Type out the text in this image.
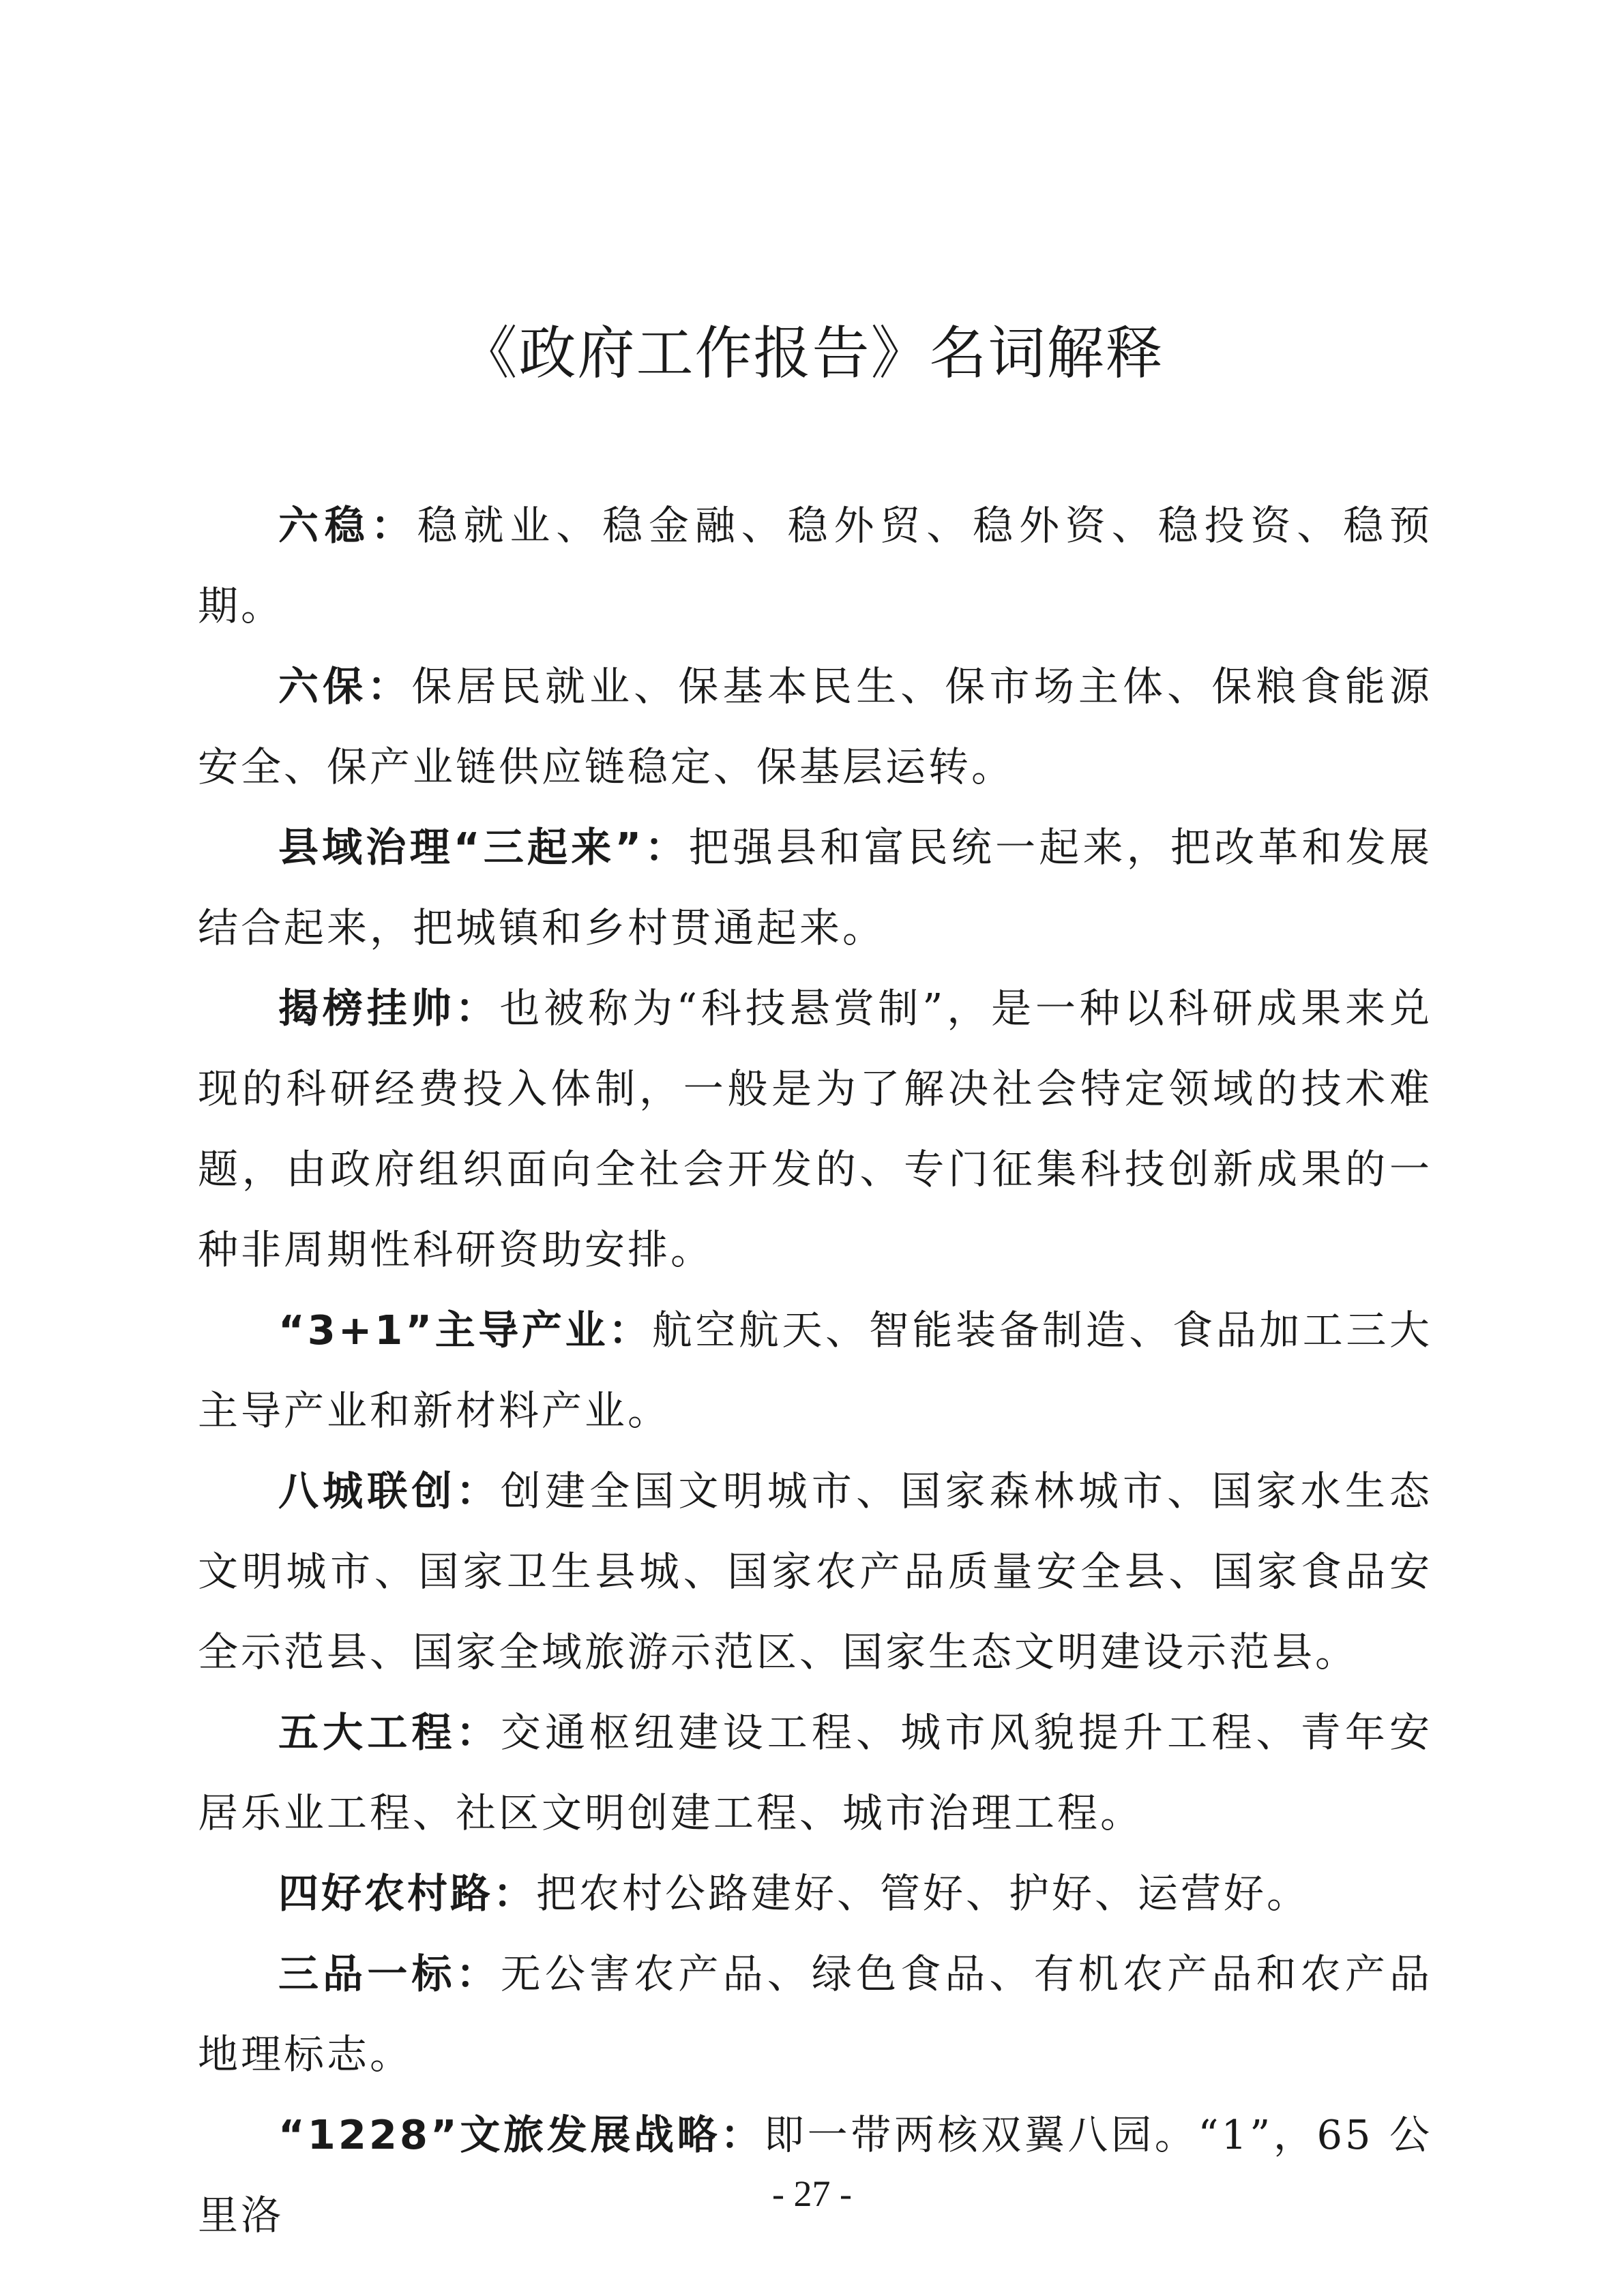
《政府工作报告》名词解释

六稳：稳就业、稳金融、稳外贸、稳外资、稳投资、稳预期。

六保：保居民就业、保基本民生、保市场主体、保粮食能源安全、保产业链供应链稳定、保基层运转。

县域治理“三起来”：把强县和富民统一起来，把改革和发展结合起来，把城镇和乡村贯通起来。

揭榜挂帅：也被称为“科技悬赏制”，是一种以科研成果来兑现的科研经费投入体制，一般是为了解决社会特定领域的技术难题，由政府组织面向全社会开发的、专门征集科技创新成果的一种非周期性科研资助安排。

“3+1”主导产业：航空航天、智能装备制造、食品加工三大主导产业和新材料产业。

八城联创：创建全国文明城市、国家森林城市、国家水生态文明城市、国家卫生县城、国家农产品质量安全县、国家食品安全示范县、国家全域旅游示范区、国家生态文明建设示范县。

五大工程：交通枢纽建设工程、城市风貌提升工程、青年安居乐业工程、社区文明创建工程、城市治理工程。

四好农村路：把农村公路建好、管好、护好、运营好。

三品一标：无公害农产品、绿色食品、有机农产品和农产品地理标志。

“1228”文旅发展战略：即一带两核双翼八园。“1”，65 公里洛	- 27 -
